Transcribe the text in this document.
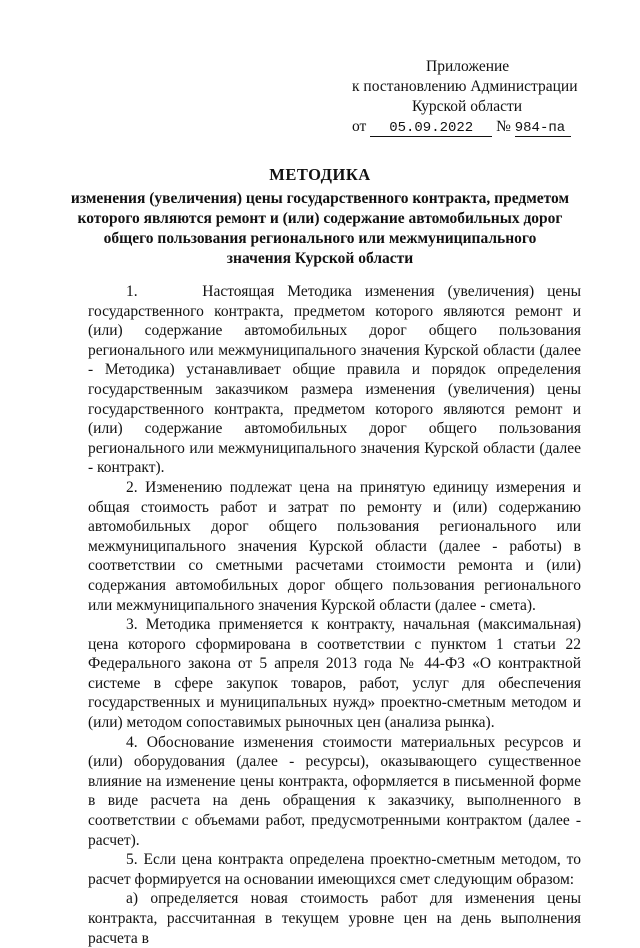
Приложение
к постановлению Администрации
Курской области
от 05.09.2022 № 984-па
МЕТОДИКА
изменения (увеличения) цены государственного контракта, предметом
которого являются ремонт и (или) содержание автомобильных дорог
общего пользования регионального или межмуниципального
значения Курской области

1.     Настоящая Методика изменения (увеличения) цены государственного контракта, предметом которого являются ремонт и (или) содержание автомобильных дорог общего пользования регионального или межмуниципального значения Курской области (далее - Методика) устанавливает общие правила и порядок определения государственным заказчиком размера изменения (увеличения) цены государственного контракта, предметом которого являются ремонт и (или) содержание автомобильных дорог общего пользования регионального или межмуниципального значения Курской области (далее - контракт).

2. Изменению подлежат цена на принятую единицу измерения и общая стоимость работ и затрат по ремонту и (или) содержанию автомобильных дорог общего пользования регионального или межмуниципального значения Курской области (далее - работы) в соответствии со сметными расчетами стоимости ремонта и (или) содержания автомобильных дорог общего пользования регионального или межмуниципального значения Курской области (далее - смета).

3. Методика применяется к контракту, начальная (максимальная) цена которого сформирована в соответствии с пунктом 1 статьи 22 Федерального закона от 5 апреля 2013 года № 44-ФЗ «О контрактной системе в сфере закупок товаров, работ, услуг для обеспечения государственных и муниципальных нужд» проектно-сметным методом и (или) методом сопоставимых рыночных цен (анализа рынка).

4. Обоснование изменения стоимости материальных ресурсов и (или) оборудования (далее - ресурсы), оказывающего существенное влияние на изменение цены контракта, оформляется в письменной форме в виде расчета на день обращения к заказчику, выполненного в соответствии с объемами работ, предусмотренными контрактом (далее - расчет).

5. Если цена контракта определена проектно-сметным методом, то расчет формируется на основании имеющихся смет следующим образом:

а) определяется новая стоимость работ для изменения цены контракта, рассчитанная в текущем уровне цен на день выполнения расчета в
